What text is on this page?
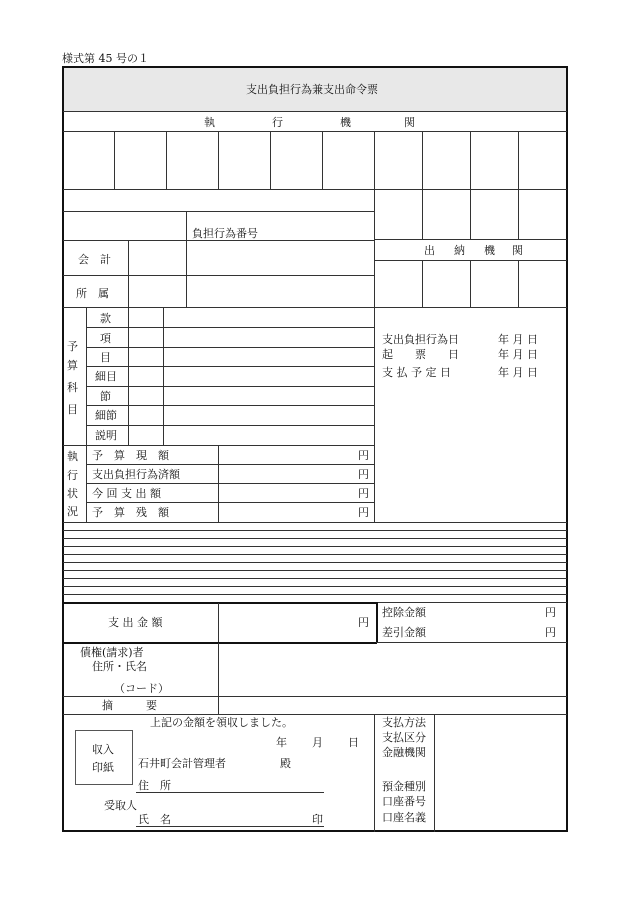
様式第 45 号の１
支出負担行為兼支出命令票
執	行	機	関
負担行為番号
出 納 機 関
会　計
所　属
予
算
科
目
款
項
目
細目
節
細節
説明
支出負担行為日	年 月 日
起　　票　　日	年 月 日
支 払 予 定 日	年 月 日
執
行
状
況
予　算　現　額	円
支出負担行為済額	円
今 回 支 出 額	円
予　算　残　額	円
支 出 金 額	円
控除金額	円
差引金額	円
債権(請求)者
住所・氏名
（コード）
摘　　　要
上記の金額を領収しました。
年 月 日
収入
印紙 石井町会計管理者	殿
住　所
受取人
氏　名	印
支払方法
支払区分
金融機関
預金種別
口座番号
口座名義
